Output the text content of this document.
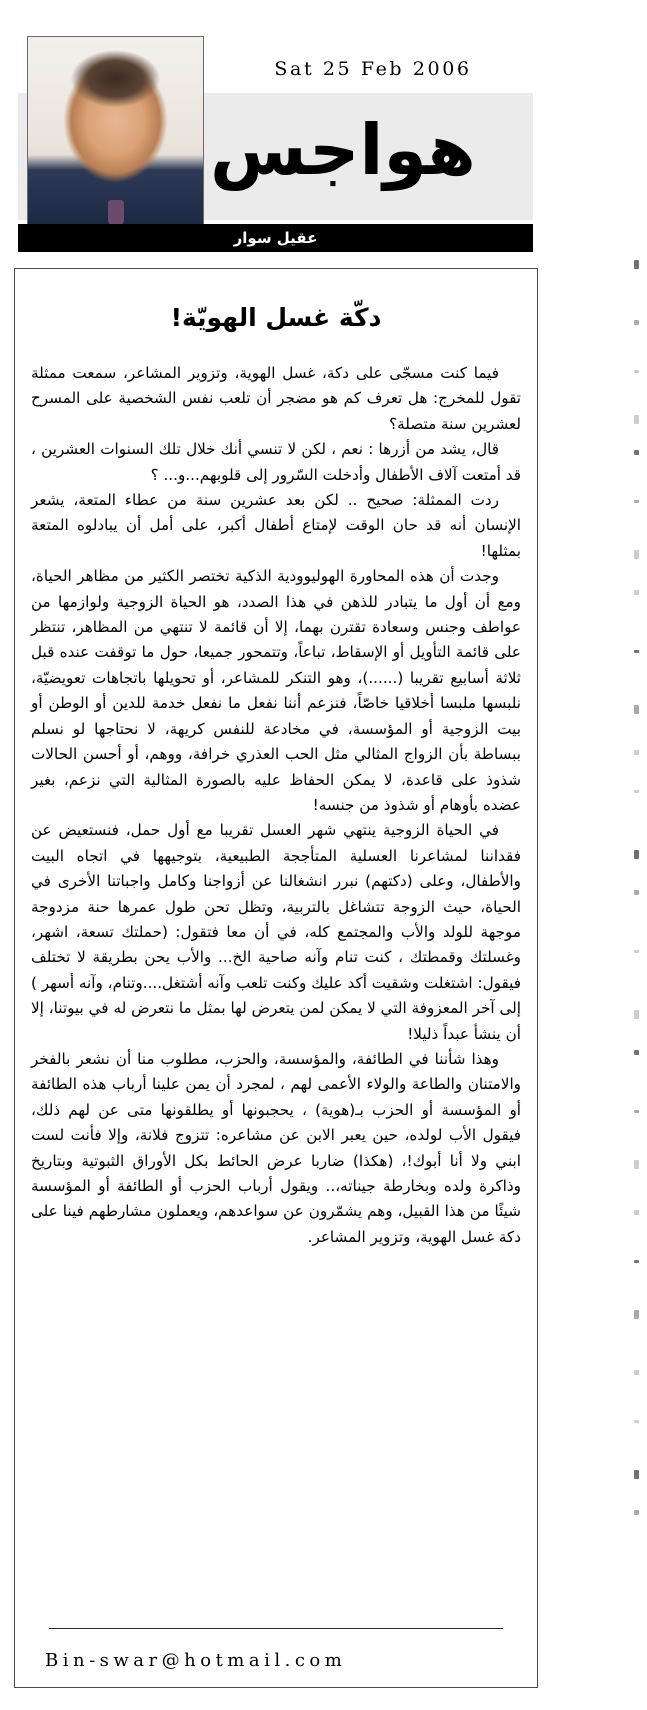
Sat 25 Feb 2006
هواجس
عقيل سوار
دكّة غسل الهويّة!

فيما كنت مسجّى على دكة، غسل الهوية، وتزوير المشاعر، سمعت ممثلة تقول للمخرج: هل تعرف كم هو مضجر أن تلعب نفس الشخصية على المسرح لعشرين سنة متصلة؟

قال، يشد من أزرها : نعم ، لكن لا تنسي أنك خلال تلك السنوات العشرين ، قد أمتعت آلاف الأطفال وأدخلت السّرور إلى قلوبهم...و... ؟

ردت الممثلة: صحيح .. لكن بعد عشرين سنة من عطاء المتعة، يشعر الإنسان أنه قد حان الوقت لإمتاع أطفال أكبر، على أمل أن يبادلوه المتعة بمثلها!

وجدت أن هذه المحاورة الهوليوودية الذكية تختصر الكثير من مظاهر الحياة، ومع أن أول ما يتبادر للذهن في هذا الصدد، هو الحياة الزوجية ولوازمها من عواطف وجنس وسعادة تقترن بهما، إلا أن قائمة لا تنتهي من المظاهر، تنتظر على قائمة التأويل أو الإسقاط، تباعاً، وتتمحور جميعا، حول ما توقفت عنده قبل ثلاثة أسابيع تقريبا (......)، وهو التنكر للمشاعر، أو تحويلها باتجاهات تعويضيّة، نلبسها ملبسا أخلاقيا خاصّاً، فنزعم أننا نفعل ما نفعل خدمة للدين أو الوطن أو بيت الزوجية أو المؤسسة، في مخادعة للنفس كريهة، لا نحتاجها لو نسلم ببساطة بأن الزواج المثالي مثل الحب العذري خرافة، ووهم، أو أحسن الحالات شذوذ على قاعدة، لا يمكن الحفاظ عليه بالصورة المثالية التي نزعم، بغير عضده بأوهام أو شذوذ من جنسه!

في الحياة الزوجية ينتهي شهر العسل تقريبا مع أول حمل، فنستعيض عن فقداننا لمشاعرنا العسلية المتأججة الطبيعية، بتوجيهها في اتجاه البيت والأطفال، وعلى (دكتهم) نبرر انشغالنا عن أزواجنا وكامل واجباتنا الأخرى في الحياة، حيث الزوجة تتشاغل بالتربية، وتظل تحن طول عمرها حنة مزدوجة موجهة للولد والأب والمجتمع كله، في أن معا فتقول: (حملتك تسعة، اشهر، وغسلتك وقمطتك ، كنت تنام وآنه صاحية الخ... والأب يحن بطريقة لا تختلف فيقول: اشتغلت وشقيت أكد عليك وكنت تلعب وآنه أشتغل....وتنام، وآنه أسهر ) إلى آخر المعزوفة التي لا يمكن لمن يتعرض لها بمثل ما نتعرض له في بيوتنا، إلا أن ينشأ عبداً ذليلا!

وهذا شأننا في الطائفة، والمؤسسة، والحزب، مطلوب منا أن نشعر بالفخر والامتنان والطاعة والولاء الأعمى لهم ، لمجرد أن يمن علينا أرباب هذه الطائفة أو المؤسسة أو الحزب بـ(هوية) ، يحجبونها أو يطلقونها متى عن لهم ذلك، فيقول الأب لولده، حين يعبر الابن عن مشاعره: تتزوج فلانة، وإلا فأنت لست ابني ولا أنا أبوك!، (هكذا) ضاربا عرض الحائط بكل الأوراق الثبوتية وبتاريخ وذاكرة ولده وبخارطة جيناته،.. ويقول أرباب الحزب أو الطائفة أو المؤسسة شيئًا من هذا القبيل، وهم يشمّرون عن سواعدهم، ويعملون مشارطهم فينا على دكة غسل الهوية، وتزوير المشاعر.

Bin-swar@hotmail.com
